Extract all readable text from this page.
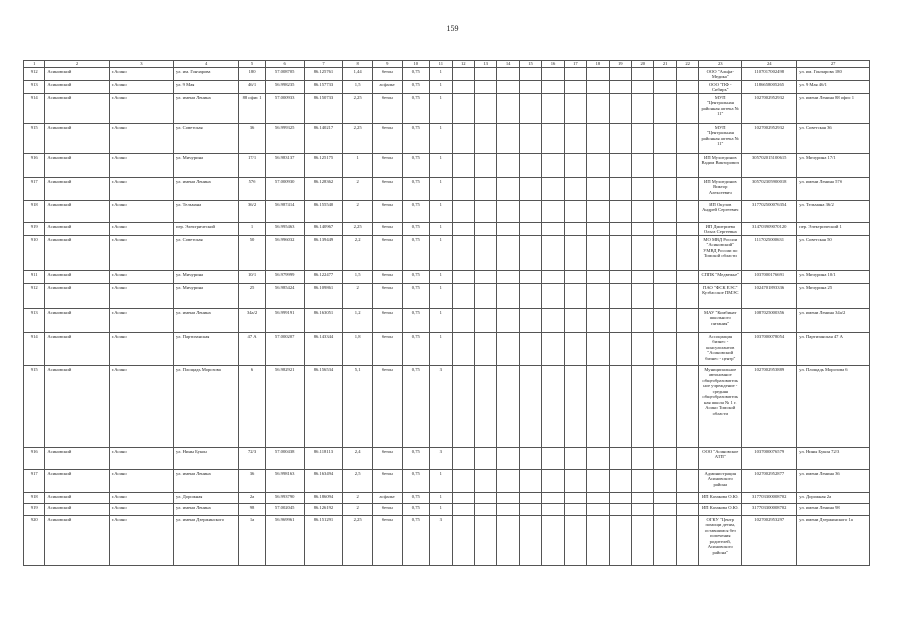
159
1	2	3	4	5	6	7	8	9	10	11	12	13	14	15	16	17	18	19	20	21	22	23	24	27
912	Асиновский	г.Асино	ул. им. Гончарова	180	57.008705	86.125761	1,44	бетон	0,75	1												ООО "Альфа-Медика"	1107017002498	ул. им. Гончарова 180
913	Асиновский	г.Асино	ул. 9 Мая	46/1	56.998235	86.157733	1,5	асфальт	0,75	1												ООО "ПФ - Сибирь"	1186658005265	ул. 9 Мая 46/1
914	Асиновский	г.Асино	ул. имени Ленина	88 офис 1	57.000933	86.150733	2,25	бетон	0,75	1												МУП "Центральная районная аптека № 11"	1027002952932	ул. имени Ленина 88 офис 1
915	Асиновский	г.Асино	ул. Советская	36	56.999325	86.140217	2,25	бетон	0,75	1												МУП "Центральная районная аптека № 11"	1027002952932	ул. Советская 36
916	Асиновский	г.Асино	ул. Мичурина	17/1	56.983137	86.125175	1	бетон	0,75	1												ИП Мухитдинов Вадим Викторович	305702015100615	ул. Мичурина 17/1
917	Асиновский	г.Асино	ул. имени Ленина	57б	57.000930	86.128362	2	бетон	0,75	1												ИП Мухитдинов Виктор Алексеевич	305702305900018	ул. имени Ленина 57б
918	Асиновский	г.Асино	ул. Тельмана	36/2	56.987414	86.155540	2	бетон	0,75	1												ИП Окулов Андрей Сергеевич	317702500076354	ул. Тельмана 36/2
919	Асиновский	г.Асино	пер. Электрический	1	56.995463	86.140967	2,25	бетон	0,75	1												ИП Дмитриева Ольга Сергеевна	314703909070120	пер. Электрический 1
910	Асиновский	г.Асино	ул. Советская	50	56.996032	86.139449	2,2	бетон	0,75	1												МО МВД России "Асиновский" УМВД России по Томской области	1117025000631	ул. Советская 50
911	Асиновский	г.Асино	ул. Мичурина	10/1	56.979999	86.122477	1,5	бетон	0,75	1												СППК "Медвежье"	1037000176691	ул. Мичурина 10/1
912	Асиновский	г.Асино	ул. Мичурина	25	56.985424	86.109861	2	бетон	0,75	1												ПАО "ФСК ЕЭС" Кузбасское ПМЭС	1024701893336	ул. Мичурина 25
913	Асиновский	г.Асино	ул. имени Ленина	34а/2	56.999191	86.163051	1,2	бетон	0,75	1												МАУ "Комбинат школьного питания"	1087025000356	ул. имени Ленина 34а/2
914	Асиновский	г.Асино	ул. Партизанская	47 А	57.000207	86.143344	1,8	бетон	0,75	1												Ассоциация бизнес - консультантов "Асиновский бизнес - центр"	1037000078054	ул. Партизанская 47 А
915	Асиновский	г.Асино	ул. Площадь Морозова	6	56.982921	86.156534	5,1	бетон	0,75	3												Муниципальное автономное общеобразовательное учреждение - средняя общеобразовательная школа № 1 г. Асино Томской области	1027002953889	ул. Площадь Морозова 6
916	Асиновский	г.Асино	ул. Нины Букон	72/3	57.000438	86.118113	2,4	бетон	0,75	3												ООО "Асиновское АТП"	1037000076579	ул. Нины Букон 72/3
917	Асиновский	г.Асино	ул. имени Ленина	36	56.998163	86.163494	2,5	бетон	0,75	1												Администрация Асиновского района	1027002952877	ул. имени Ленина 36
918	Асиновский	г.Асино	ул. Дорожная	2а	56.993790	86.186094	2	асфальт	0,75	1												ИП Казакова О.Ю.	317703300008702	ул. Дорожная 2а
919	Асиновский	г.Асино	ул. имени Ленина	98	57.002045	86.126192	2	бетон	0,75	1												ИП Казакова О.Ю.	317703300008702	ул. имени Ленина 98
920	Асиновский	г.Асино	ул. имени Дзержинского	1а	56.969961	86.151291	2,25	бетон	0,75	3												ОГКУ "Центр помощи детям, оставшимся без попечения родителей, Асиновского района"	1027002953297	ул. имени Дзержинского 1а
